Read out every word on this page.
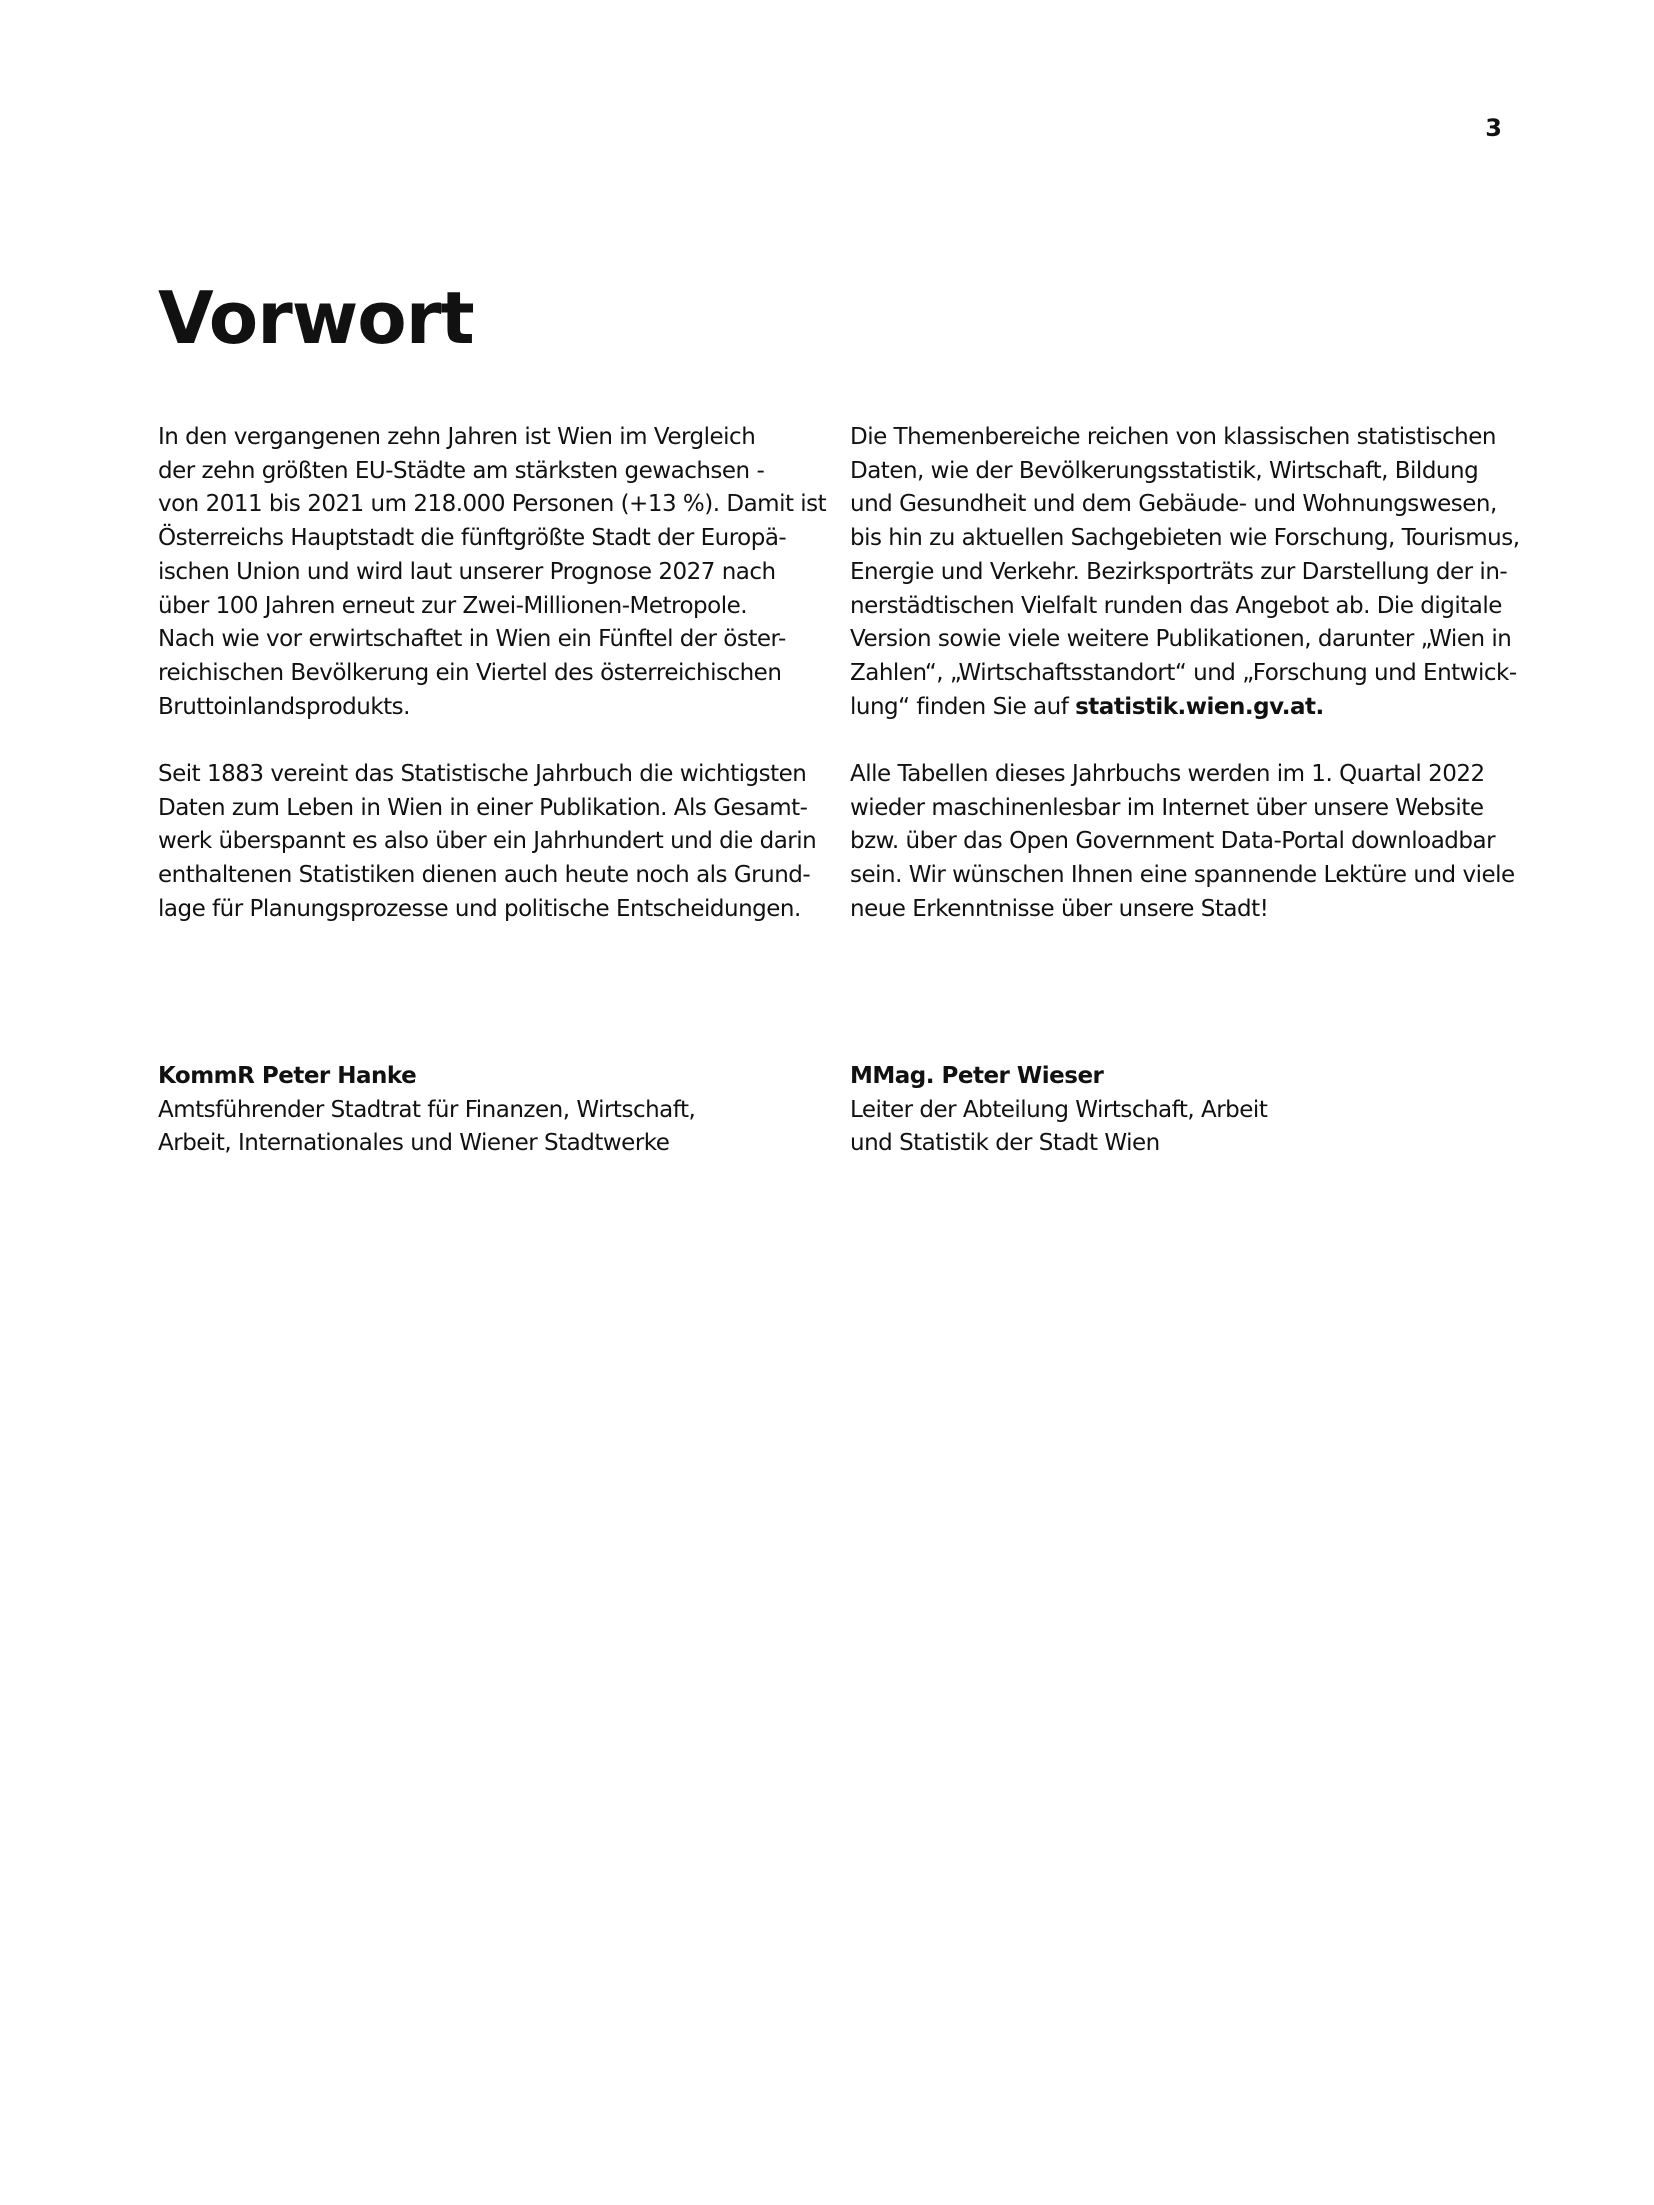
3
Vorwort

In den vergangenen zehn Jahren ist Wien im Vergleich
der zehn größten EU-Städte am stärksten gewachsen -
von 2011 bis 2021 um 218.000 Personen (+13 %). Damit ist
Österreichs Hauptstadt die fünftgrößte Stadt der Europä-
ischen Union und wird laut unserer Prognose 2027 nach
über 100 Jahren erneut zur Zwei-Millionen-Metropole.
Nach wie vor erwirtschaftet in Wien ein Fünftel der öster-
reichischen Bevölkerung ein Viertel des österreichischen
Bruttoinlandsprodukts.

Seit 1883 vereint das Statistische Jahrbuch die wichtigsten
Daten zum Leben in Wien in einer Publikation. Als Gesamt-
werk überspannt es also über ein Jahrhundert und die darin
enthaltenen Statistiken dienen auch heute noch als Grund-
lage für Planungsprozesse und politische Entscheidungen.

Die Themenbereiche reichen von klassischen statistischen
Daten, wie der Bevölkerungsstatistik, Wirtschaft, Bildung
und Gesundheit und dem Gebäude- und Wohnungswesen,
bis hin zu aktuellen Sachgebieten wie Forschung, Tourismus,
Energie und Verkehr. Bezirksporträts zur Darstellung der in-
nerstädtischen Vielfalt runden das Angebot ab. Die digitale
Version sowie viele weitere Publikationen, darunter „Wien in
Zahlen“, „Wirtschaftsstandort“ und „Forschung und Entwick-
lung“ finden Sie auf statistik.wien.gv.at.

Alle Tabellen dieses Jahrbuchs werden im 1. Quartal 2022
wieder maschinenlesbar im Internet über unsere Website
bzw. über das Open Government Data-Portal downloadbar
sein. Wir wünschen Ihnen eine spannende Lektüre und viele
neue Erkenntnisse über unsere Stadt!

KommR Peter Hanke
Amtsführender Stadtrat für Finanzen, Wirtschaft,
Arbeit, Internationales und Wiener Stadtwerke
MMag. Peter Wieser
Leiter der Abteilung Wirtschaft, Arbeit
und Statistik der Stadt Wien
